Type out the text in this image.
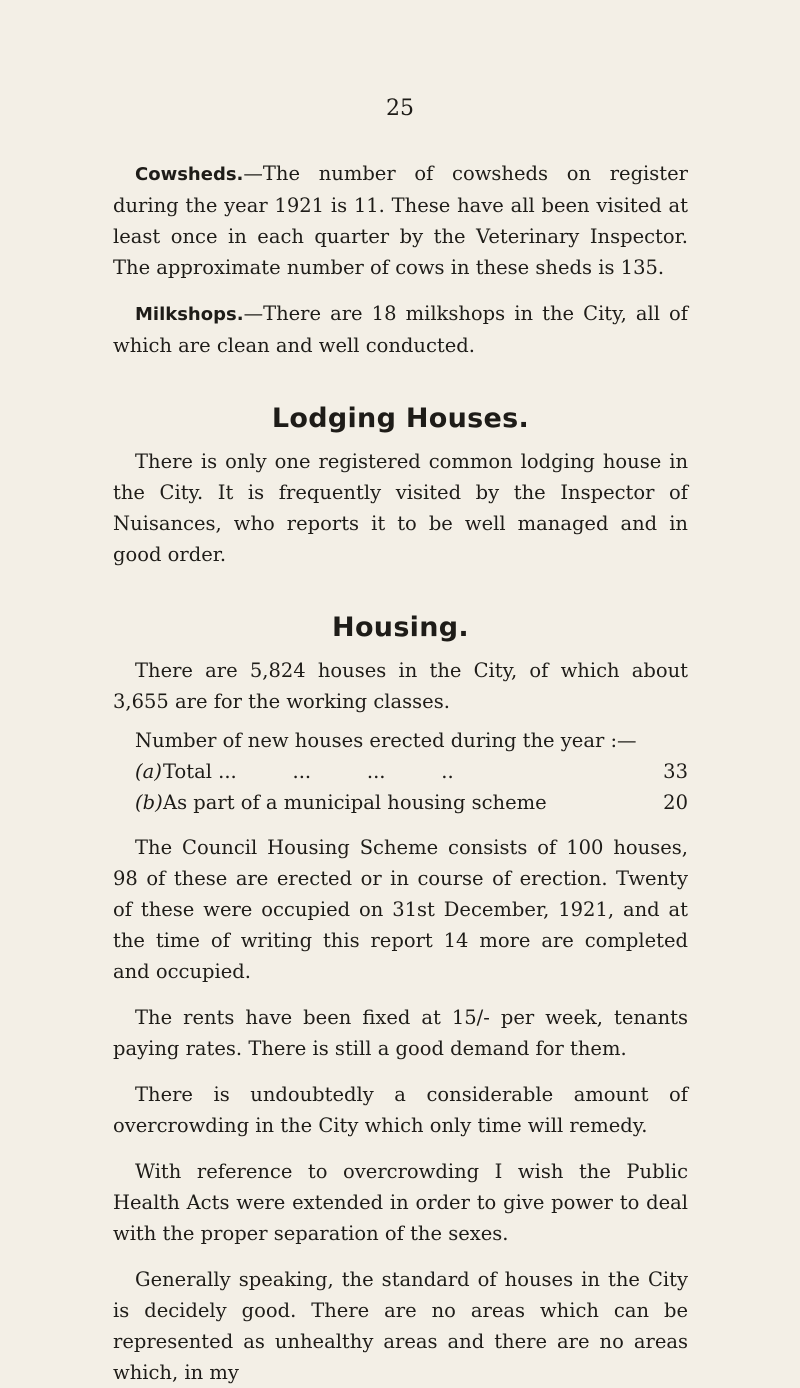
25

Cowsheds.—The number of cowsheds on register during the year 1921 is 11. These have all been visited at least once in each quarter by the Veterinary Inspector. The approximate number of cows in these sheds is 135.

Milkshops.—There are 18 milkshops in the City, all of which are clean and well conducted.

Lodging Houses.

There is only one registered common lodging house in the City. It is frequently visited by the Inspector of Nuisances, who reports it to be well managed and in good order.

Housing.

There are 5,824 houses in the City, of which about 3,655 are for the working classes.

Number of new houses erected during the year :—

(a) Total ...         ...         ...         ..	33
(b) As part of a municipal housing scheme	20

The Council Housing Scheme consists of 100 houses, 98 of these are erected or in course of erection. Twenty of these were occupied on 31st December, 1921, and at the time of writing this report 14 more are completed and occupied.

The rents have been fixed at 15/- per week, tenants paying rates. There is still a good demand for them.

There is undoubtedly a considerable amount of overcrowding in the City which only time will remedy.

With reference to overcrowding I wish the Public Health Acts were extended in order to give power to deal with the proper separation of the sexes.

Generally speaking, the standard of houses in the City is decidely good. There are no areas which can be represented as unhealthy areas and there are no areas which, in my
